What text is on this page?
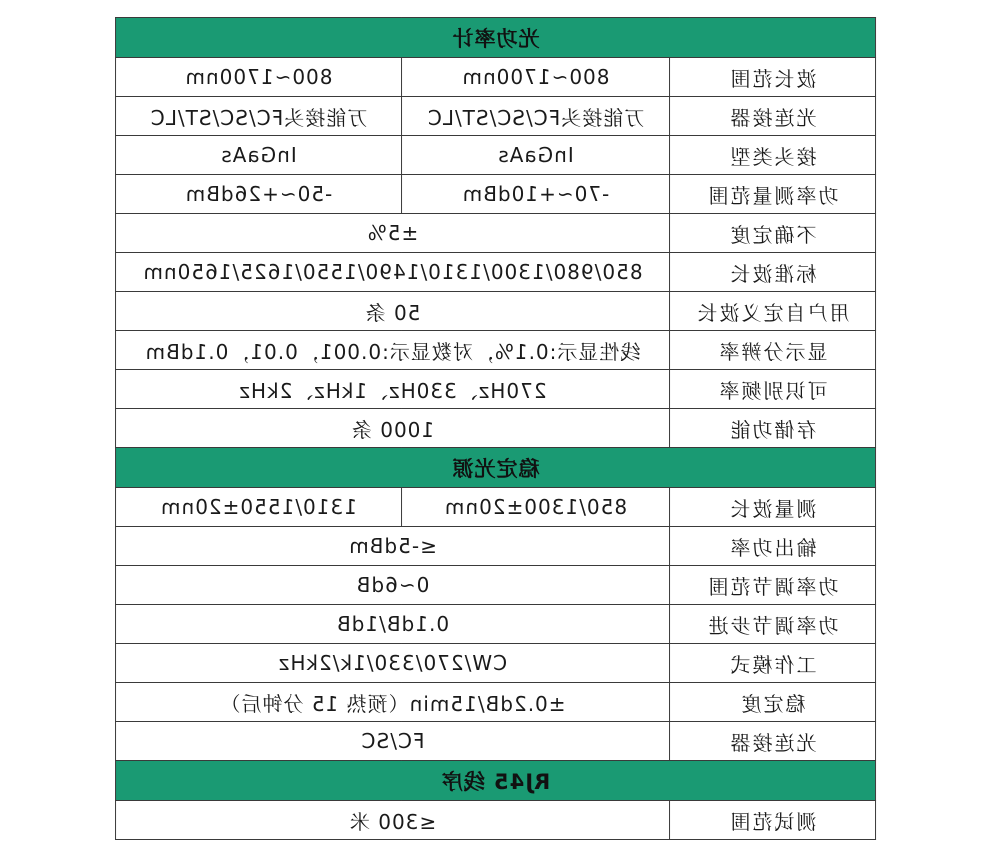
光功率计		
波长范围	800~1700nm	800~1700nm
光连接器	万能接头FC/SC/ST/LC	万能接头FC/SC/ST/LC
接头类型	InGaAs	InGaAs
功率测量范围	-70~+10dBm	-50~+26dBm
不确定度	±5%	
标准波长	850/980/1300/1310/1490/1550/1625/1650nm	
用户自定义波长	50 条	
显示分辨率	线性显示:0.1%，对数显示:0.001，0.01，0.1dBm	
可识别频率	270Hz、330Hz、1kHz、2kHz	
存储功能	1000 条	
稳定光源		
测量波长	850/1300±20nm	1310/1550±20nm
输出功率	≤-5dBm	
功率调节范围	0~6dB	
功率调节步进	0.1dB/1dB	
工作模式	CW/270/330/1k/2kHz	
稳定度	±0.2dB/15min（预热 15 分钟后）	
光连接器	FC/SC	
RJ45 线序		
测试范围	≤300 米	
